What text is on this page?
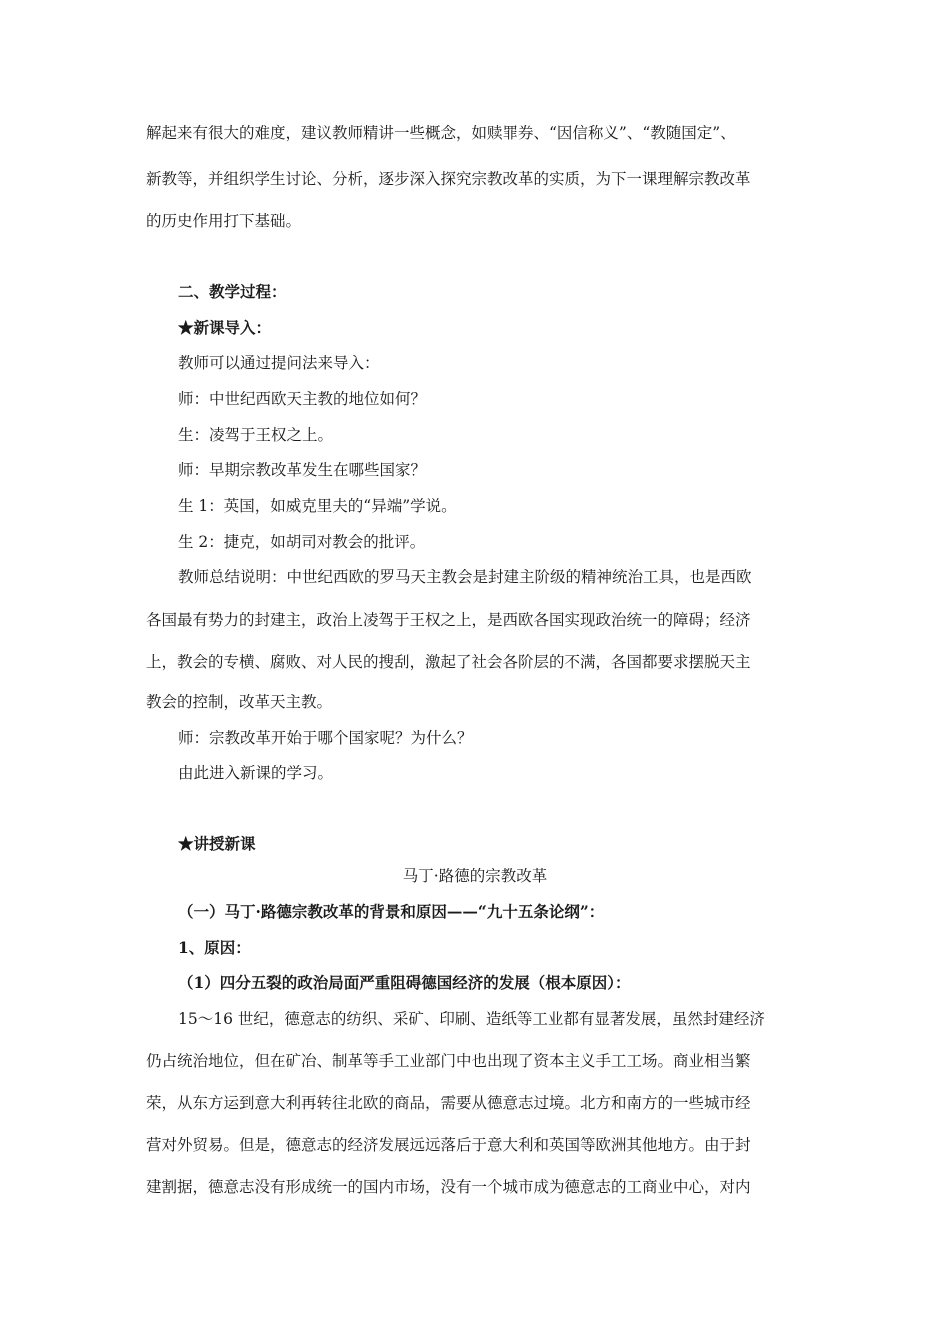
解起来有很大的难度，建议教师精讲一些概念，如赎罪券、“因信称义”、“教随国定”、
新教等，并组织学生讨论、分析，逐步深入探究宗教改革的实质，为下一课理解宗教改革
的历史作用打下基础。
二、教学过程：
★新课导入：
教师可以通过提问法来导入：
师：中世纪西欧天主教的地位如何？
生：凌驾于王权之上。
师：早期宗教改革发生在哪些国家？
生 1：英国，如威克里夫的“异端”学说。
生 2：捷克，如胡司对教会的批评。
教师总结说明：中世纪西欧的罗马天主教会是封建主阶级的精神统治工具，也是西欧
各国最有势力的封建主，政治上凌驾于王权之上，是西欧各国实现政治统一的障碍；经济
上，教会的专横、腐败、对人民的搜刮，激起了社会各阶层的不满，各国都要求摆脱天主
教会的控制，改革天主教。
师：宗教改革开始于哪个国家呢？为什么？
由此进入新课的学习。
★讲授新课
马丁·路德的宗教改革
（一）马丁·路德宗教改革的背景和原因——“九十五条论纲”：
1、原因：
（1）四分五裂的政治局面严重阻碍德国经济的发展（根本原因）：
15～16 世纪，德意志的纺织、采矿、印刷、造纸等工业都有显著发展，虽然封建经济
仍占统治地位，但在矿冶、制革等手工业部门中也出现了资本主义手工工场。商业相当繁
荣，从东方运到意大利再转往北欧的商品，需要从德意志过境。北方和南方的一些城市经
营对外贸易。但是，德意志的经济发展远远落后于意大利和英国等欧洲其他地方。由于封
建割据，德意志没有形成统一的国内市场，没有一个城市成为德意志的工商业中心，对内
